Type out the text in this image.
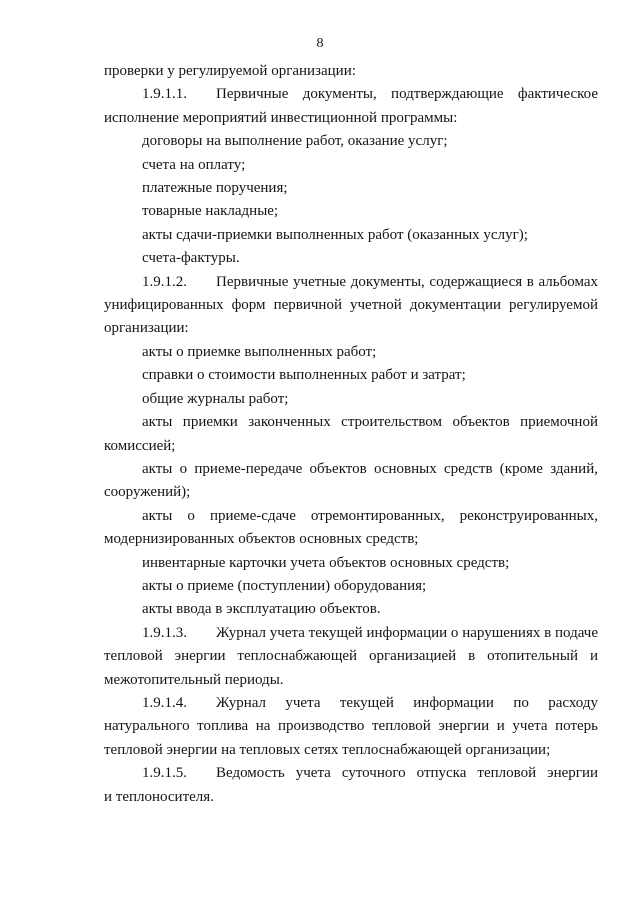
8

проверки у регулируемой организации:

1.9.1.1. Первичные документы, подтверждающие фактическое

исполнение мероприятий инвестиционной программы:

договоры на выполнение работ, оказание услуг;

счета на оплату;

платежные поручения;

товарные накладные;

акты сдачи-приемки выполненных работ (оказанных услуг);

счета-фактуры.

1.9.1.2. Первичные учетные документы, содержащиеся в альбомах

унифицированных форм первичной учетной документации регулируемой организации:

акты о приемке выполненных работ;

справки о стоимости выполненных работ и затрат;

общие журналы работ;

акты приемки законченных строительством объектов приемочной комиссией;

акты о приеме-передаче объектов основных средств (кроме зданий, сооружений);

акты о приеме-сдаче отремонтированных, реконструированных, модернизированных объектов основных средств;

инвентарные карточки учета объектов основных средств;

акты о приеме (поступлении) оборудования;

акты ввода в эксплуатацию объектов.

1.9.1.3. Журнал учета текущей информации о нарушениях в подаче

тепловой энергии теплоснабжающей организацией в отопительный и межотопительный периоды.

1.9.1.4. Журнал учета текущей информации по расходу

натурального топлива на производство тепловой энергии и учета потерь тепловой энергии на тепловых сетях теплоснабжающей организации;

1.9.1.5. Ведомость учета суточного отпуска тепловой энергии

и теплоносителя.
